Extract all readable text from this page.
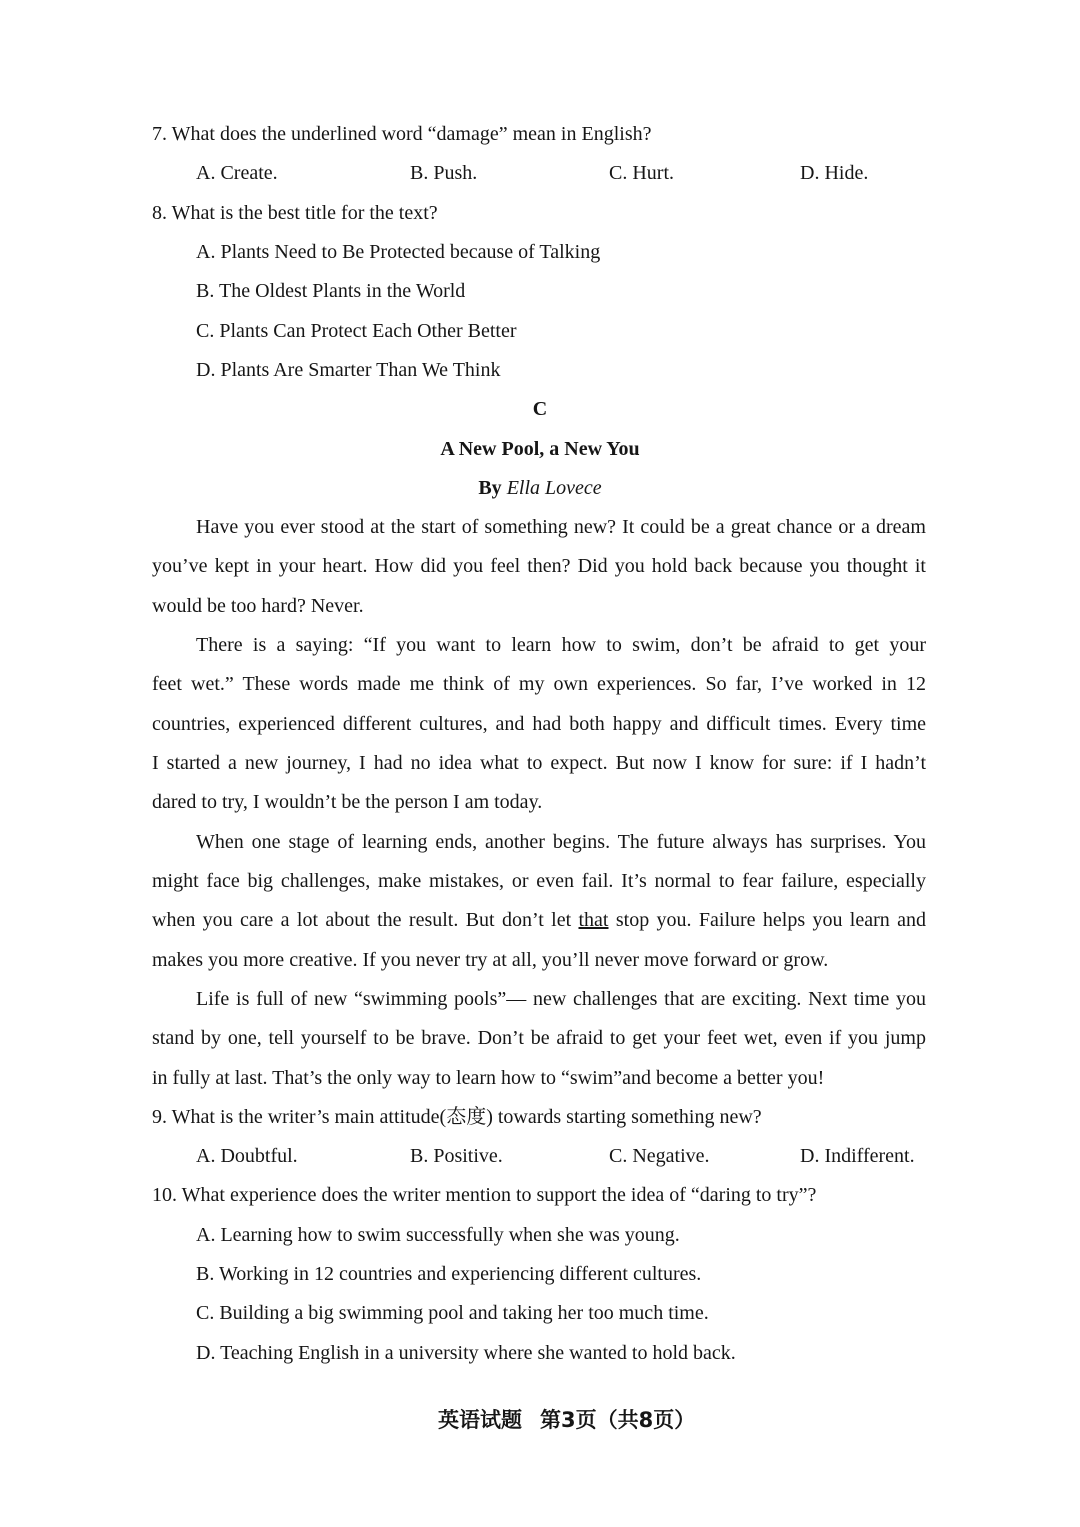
7. What does the underlined word “damage” mean in English?
A. Create.	B. Push.	C. Hurt.	D. Hide.
8. What is the best title for the text?
A. Plants Need to Be Protected because of Talking
B. The Oldest Plants in the World
C. Plants Can Protect Each Other Better
D. Plants Are Smarter Than We Think
C
A New Pool, a New You
By Ella Lovece
Have you ever stood at the start of something new? It could be a great chance or a dream
you’ve kept in your heart. How did you feel then? Did you hold back because you thought it
would be too hard? Never.
There is a saying: “If you want to learn how to swim, don’t be afraid to get your
feet wet.” These words made me think of my own experiences. So far, I’ve worked in 12
countries, experienced different cultures, and had both happy and difficult times. Every time
I started a new journey, I had no idea what to expect. But now I know for sure: if I hadn’t
dared to try, I wouldn’t be the person I am today.
When one stage of learning ends, another begins. The future always has surprises. You
might face big challenges, make mistakes, or even fail. It’s normal to fear failure, especially
when you care a lot about the result. But don’t let that stop you. Failure helps you learn and
makes you more creative. If you never try at all, you’ll never move forward or grow.
Life is full of new “swimming pools”— new challenges that are exciting. Next time you
stand by one, tell yourself to be brave. Don’t be afraid to get your feet wet, even if you jump
in fully at last. That’s the only way to learn how to “swim”and become a better you!
9. What is the writer’s main attitude(态度) towards starting something new?
A. Doubtful.	B. Positive.	C. Negative.	D. Indifferent.
10. What experience does the writer mention to support the idea of “daring to try”?
A. Learning how to swim successfully when she was young.
B. Working in 12 countries and experiencing different cultures.
C. Building a big swimming pool and taking her too much time.
D. Teaching English in a university where she wanted to hold back.
英语试题 第3页（共8页）
